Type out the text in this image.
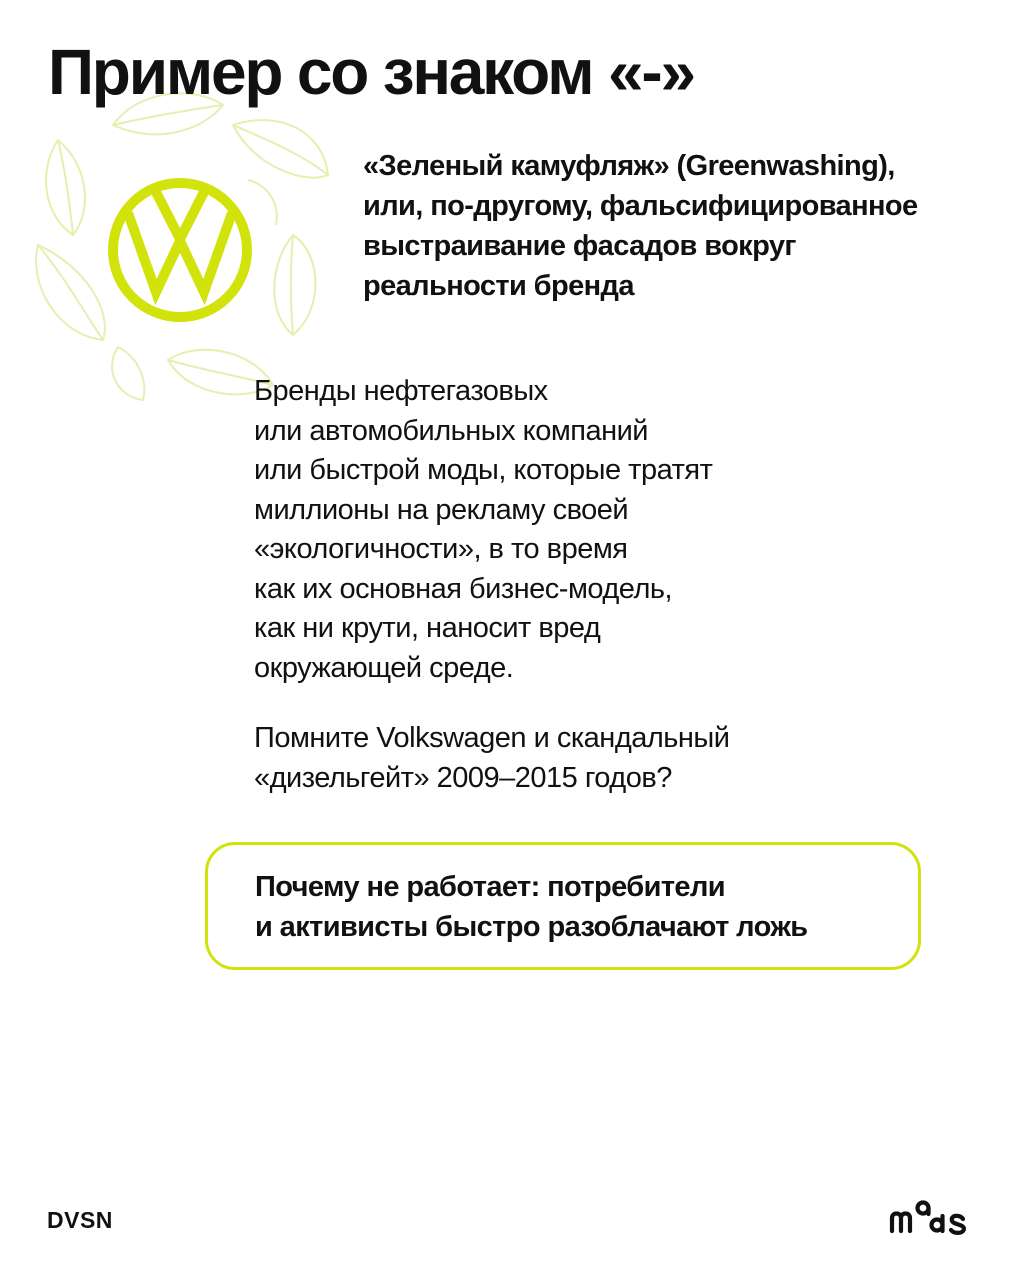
Пример со знаком «-»

«Зеленый камуфляж» (Greenwashing),
или, по-другому, фальсифицированное
выстраивание фасадов вокруг
реальности бренда

Бренды нефтегазовых
или автомобильных компаний
или быстрой моды, которые тратят
миллионы на рекламу своей
«экологичности», в то время
как их основная бизнес-модель,
как ни крути, наносит вред
окружающей среде.

Помните Volkswagen и скандальный
«дизельгейт» 2009–2015 годов?

Почему не работает: потребители
и активисты быстро разоблачают ложь

DVSN
